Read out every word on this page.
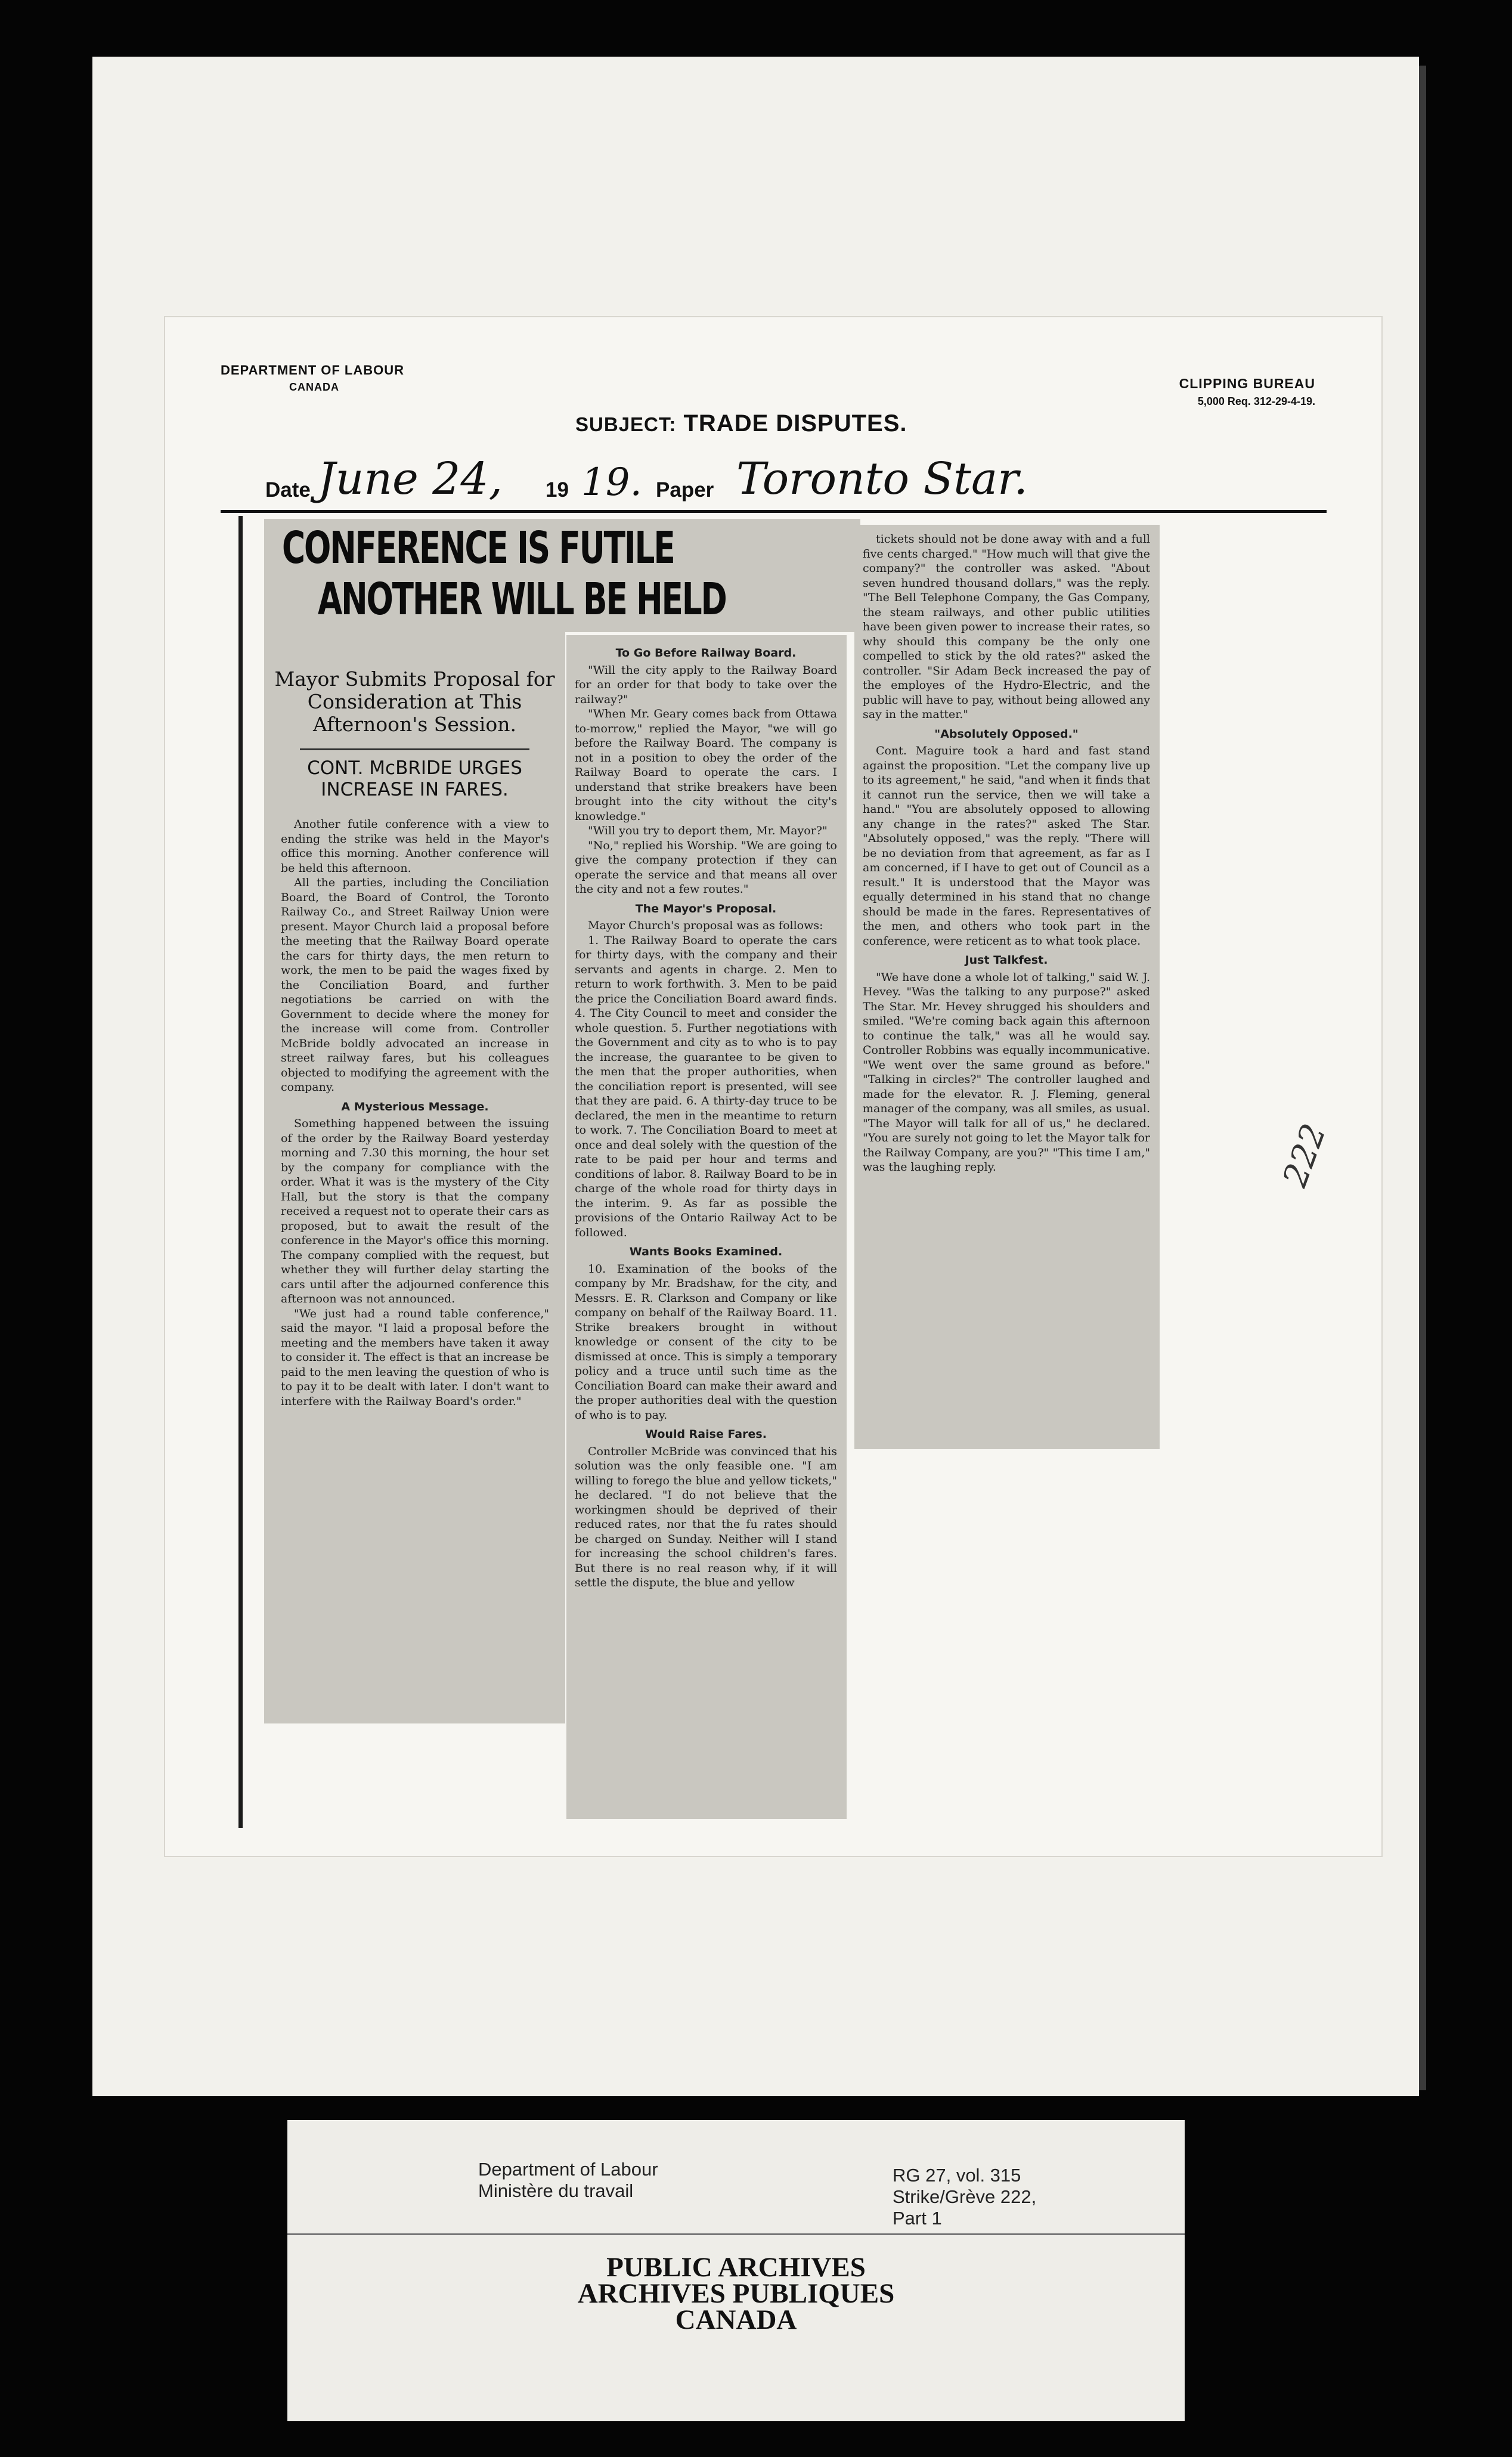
DEPARTMENT OF LABOUR
CANADA	CLIPPING BUREAU
5,000 Req. 312-29-4-19.
SUBJECT: TRADE DISPUTES.
Date June 24, 19 19. Paper Toronto Star.
Mayor Submits Proposal for Consideration at This Afternoon's Session.
CONT. McBRIDE URGES INCREASE IN FARES.

Another futile conference with a view to ending the strike was held in the Mayor's office this morning. Another conference will be held this afternoon.

All the parties, including the Conciliation Board, the Board of Control, the Toronto Railway Co., and Street Railway Union were present. Mayor Church laid a proposal before the meeting that the Railway Board operate the cars for thirty days, the men return to work, the men to be paid the wages fixed by the Conciliation Board, and further negotiations be carried on with the Government to decide where the money for the increase will come from. Controller McBride boldly advocated an increase in street railway fares, but his colleagues objected to modifying the agreement with the company.

A Mysterious Message.

Something happened between the issuing of the order by the Railway Board yesterday morning and 7.30 this morning, the hour set by the company for compliance with the order. What it was is the mystery of the City Hall, but the story is that the company received a request not to operate their cars as proposed, but to await the result of the conference in the Mayor's office this morning. The company complied with the request, but whether they will further delay starting the cars until after the adjourned conference this afternoon was not announced.

"We just had a round table conference," said the mayor. "I laid a proposal before the meeting and the members have taken it away to consider it. The effect is that an increase be paid to the men leaving the question of who is to pay it to be dealt with later. I don't want to interfere with the Railway Board's order."

CONFERENCE IS FUTILE
ANOTHER WILL BE HELD
To Go Before Railway Board.

"Will the city apply to the Railway Board for an order for that body to take over the railway?"

"When Mr. Geary comes back from Ottawa to-morrow," replied the Mayor, "we will go before the Railway Board. The company is not in a position to obey the order of the Railway Board to operate the cars. I understand that strike breakers have been brought into the city without the city's knowledge."

"Will you try to deport them, Mr. Mayor?"

"No," replied his Worship. "We are going to give the company protection if they can operate the service and that means all over the city and not a few routes."

The Mayor's Proposal.

Mayor Church's proposal was as follows:

1. The Railway Board to operate the cars for thirty days, with the company and their servants and agents in charge. 2. Men to return to work forthwith. 3. Men to be paid the price the Conciliation Board award finds. 4. The City Council to meet and consider the whole question. 5. Further negotiations with the Government and city as to who is to pay the increase, the guarantee to be given to the men that the proper authorities, when the conciliation report is presented, will see that they are paid. 6. A thirty-day truce to be declared, the men in the meantime to return to work. 7. The Conciliation Board to meet at once and deal solely with the question of the rate to be paid per hour and terms and conditions of labor. 8. Railway Board to be in charge of the whole road for thirty days in the interim. 9. As far as possible the provisions of the Ontario Railway Act to be followed.

Wants Books Examined.

10. Examination of the books of the company by Mr. Bradshaw, for the city, and Messrs. E. R. Clarkson and Company or like company on behalf of the Railway Board. 11. Strike breakers brought in without knowledge or consent of the city to be dismissed at once. This is simply a temporary policy and a truce until such time as the Conciliation Board can make their award and the proper authorities deal with the question of who is to pay.

Would Raise Fares.

Controller McBride was convinced that his solution was the only feasible one. "I am willing to forego the blue and yellow tickets," he declared. "I do not believe that the workingmen should be deprived of their reduced rates, nor that the fu rates should be charged on Sunday. Neither will I stand for increasing the school children's fares. But there is no real reason why, if it will settle the dispute, the blue and yellow

tickets should not be done away with and a full five cents charged." "How much will that give the company?" the controller was asked. "About seven hundred thousand dollars," was the reply. "The Bell Telephone Company, the Gas Company, the steam railways, and other public utilities have been given power to increase their rates, so why should this company be the only one compelled to stick by the old rates?" asked the controller. "Sir Adam Beck increased the pay of the employes of the Hydro-Electric, and the public will have to pay, without being allowed any say in the matter."

"Absolutely Opposed."

Cont. Maguire took a hard and fast stand against the proposition. "Let the company live up to its agreement," he said, "and when it finds that it cannot run the service, then we will take a hand." "You are absolutely opposed to allowing any change in the rates?" asked The Star. "Absolutely opposed," was the reply. "There will be no deviation from that agreement, as far as I am concerned, if I have to get out of Council as a result." It is understood that the Mayor was equally determined in his stand that no change should be made in the fares. Representatives of the men, and others who took part in the conference, were reticent as to what took place.

Just Talkfest.

"We have done a whole lot of talking," said W. J. Hevey. "Was the talking to any purpose?" asked The Star. Mr. Hevey shrugged his shoulders and smiled. "We're coming back again this afternoon to continue the talk," was all he would say. Controller Robbins was equally incommunicative. "We went over the same ground as before." "Talking in circles?" The controller laughed and made for the elevator. R. J. Fleming, general manager of the company, was all smiles, as usual. "The Mayor will talk for all of us," he declared. "You are surely not going to let the Mayor talk for the Railway Company, are you?" "This time I am," was the laughing reply.	222
Department of Labour
Ministère du travail
RG 27, vol. 315
Strike/Grève 222,
Part 1
PUBLIC ARCHIVES
ARCHIVES PUBLIQUES
CANADA
